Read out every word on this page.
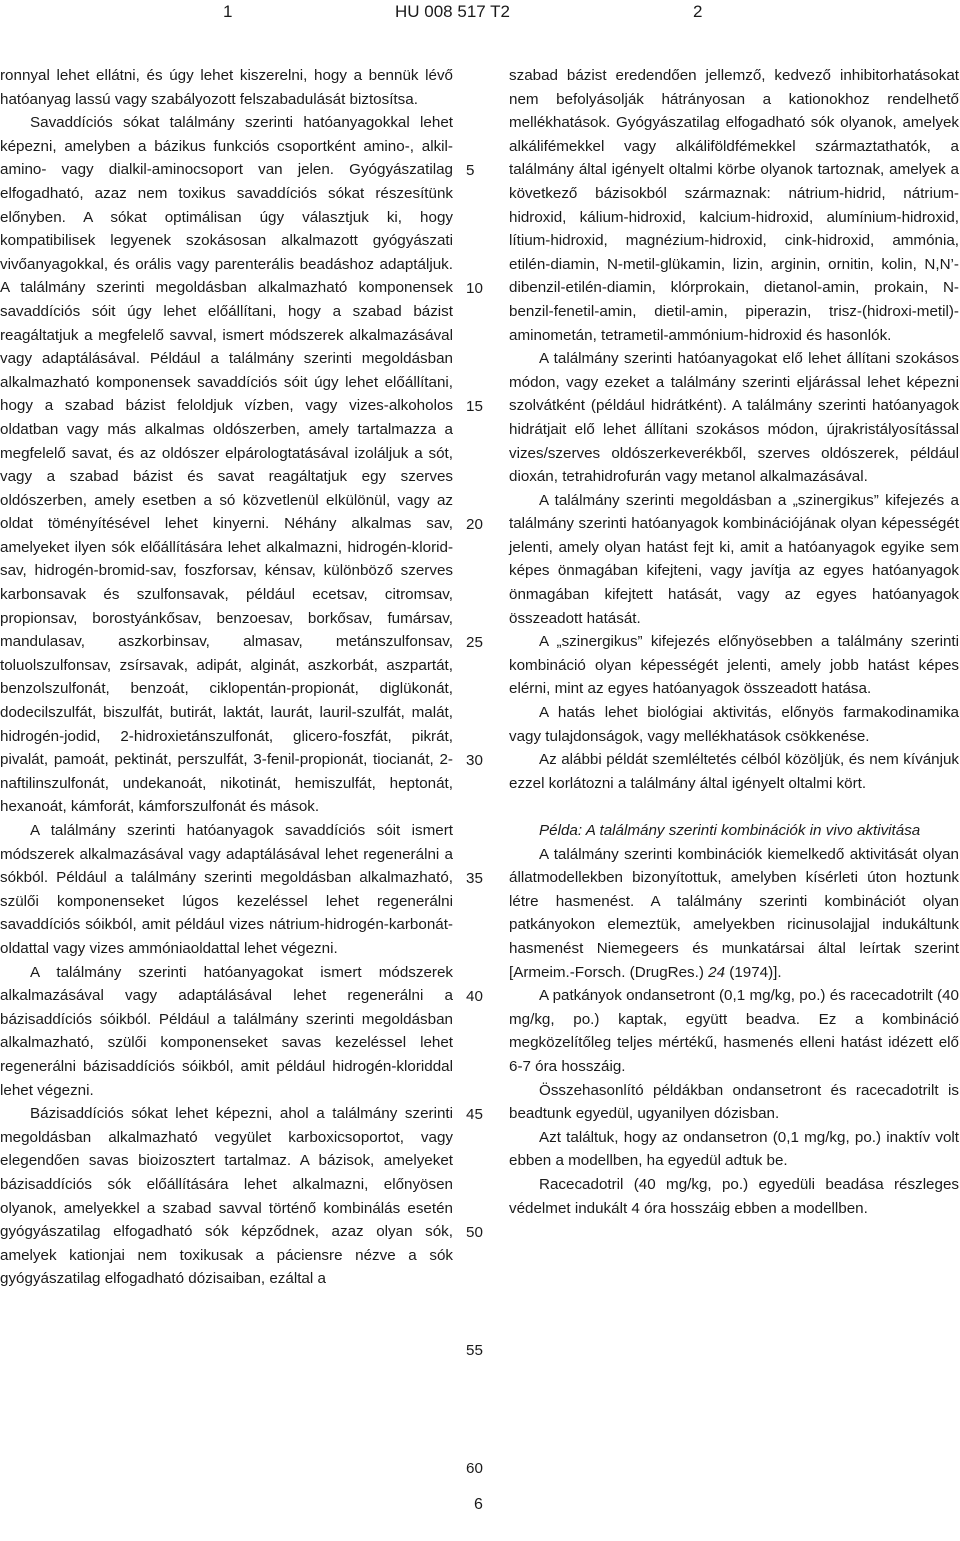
1	HU 008 517 T2	2

ronnyal lehet ellátni, és úgy lehet kiszerelni, hogy a bennük lévő hatóanyag lassú vagy szabályozott felszabadulását biztosítsa.

Savaddíciós sókat találmány szerinti hatóanyagokkal lehet képezni, amelyben a bázikus funkciós csoportként amino-, alkil-amino- vagy dialkil-aminocsoport van jelen. Gyógyászatilag elfogadható, azaz nem toxikus savaddíciós sókat részesítünk előnyben. A sókat optimálisan úgy választjuk ki, hogy kompatibilisek legyenek szokásosan alkalmazott gyógyászati vivőanyagokkal, és orális vagy parenterális beadáshoz adaptáljuk. A találmány szerinti megoldásban alkalmazható komponensek savaddíciós sóit úgy lehet előállítani, hogy a szabad bázist reagáltatjuk a megfelelő savval, ismert módszerek alkalmazásával vagy adaptálásával. Például a találmány szerinti megoldásban alkalmazható komponensek savaddíciós sóit úgy lehet előállítani, hogy a szabad bázist feloldjuk vízben, vagy vizes-alkoholos oldatban vagy más alkalmas oldószerben, amely tartalmazza a megfelelő savat, és az oldószer elpárologtatásával izoláljuk a sót, vagy a szabad bázist és savat reagáltatjuk egy szerves oldószerben, amely esetben a só közvetlenül elkülönül, vagy az oldat töményítésével lehet kinyerni. Néhány alkalmas sav, amelyeket ilyen sók előállítására lehet alkalmazni, hidrogén-klorid-sav, hidrogén-bromid-sav, foszforsav, kénsav, különböző szerves karbonsavak és szulfonsavak, például ecetsav, citromsav, propionsav, borostyánkősav, benzoesav, borkősav, fumársav, mandulasav, aszkorbinsav, almasav, metánszulfonsav, toluolszulfonsav, zsírsavak, adipát, alginát, aszkorbát, aszpartát, benzolszulfonát, benzoát, ciklopentán-propionát, diglükonát, dodecilszulfát, biszulfát, butirát, laktát, laurát, lauril-szulfát, malát, hidrogén-jodid, 2-hidroxietánszulfonát, glicero-foszfát, pikrát, pivalát, pamoát, pektinát, perszulfát, 3-fenil-propionát, tiocianát, 2-naftilinszulfonát, undekanoát, nikotinát, hemiszulfát, heptonát, hexanoát, kámforát, kámforszulfonát és mások.

A találmány szerinti hatóanyagok savaddíciós sóit ismert módszerek alkalmazásával vagy adaptálásával lehet regenerálni a sókból. Például a találmány szerinti megoldásban alkalmazható, szülői komponenseket lúgos kezeléssel lehet regenerálni savaddíciós sóikból, amit például vizes nátrium-hidrogén-karbonát-oldattal vagy vizes ammóniaoldattal lehet végezni.

A találmány szerinti hatóanyagokat ismert módszerek alkalmazásával vagy adaptálásával lehet regenerálni a bázisaddíciós sóikból. Például a találmány szerinti megoldásban alkalmazható, szülői komponenseket savas kezeléssel lehet regenerálni bázisaddíciós sóikból, amit például hidrogén-kloriddal lehet végezni.

Bázisaddíciós sókat lehet képezni, ahol a találmány szerinti megoldásban alkalmazható vegyület karboxicsoportot, vagy elegendően savas bioizosztert tartalmaz. A bázisok, amelyeket bázisaddíciós sók előállítására lehet alkalmazni, előnyösen olyanok, amelyekkel a szabad savval történő kombinálás esetén gyógyászatilag elfogadható sók képződnek, azaz olyan sók, amelyek kationjai nem toxikusak a páciensre nézve a sók gyógyászatilag elfogadható dózisaiban, ezáltal a

szabad bázist eredendően jellemző, kedvező inhibitorhatásokat nem befolyásolják hátrányosan a kationokhoz rendelhető mellékhatások. Gyógyászatilag elfogadható sók olyanok, amelyek alkálifémekkel vagy alkáliföldfémekkel származtathatók, a találmány által igényelt oltalmi körbe olyanok tartoznak, amelyek a következő bázisokból származnak: nátrium-hidrid, nátrium-hidroxid, kálium-hidroxid, kalcium-hidroxid, alumínium-hidroxid, lítium-hidroxid, magnézium-hidroxid, cink-hidroxid, ammónia, etilén-diamin, N-metil-glükamin, lizin, arginin, ornitin, kolin, N,N’-dibenzil-etilén-diamin, klórprokain, dietanol-amin, prokain, N-benzil-fenetil-amin, dietil-amin, piperazin, trisz-(hidroxi-metil)-aminometán, tetrametil-ammónium-hidroxid és hasonlók.

A találmány szerinti hatóanyagokat elő lehet állítani szokásos módon, vagy ezeket a találmány szerinti eljárással lehet képezni szolvátként (például hidrátként). A találmány szerinti hatóanyagok hidrátjait elő lehet állítani szokásos módon, újrakristályosítással vizes/szerves oldószerkeverékből, szerves oldószerek, például dioxán, tetrahidrofurán vagy metanol alkalmazásával.

A találmány szerinti megoldásban a „szinergikus” kifejezés a találmány szerinti hatóanyagok kombinációjának olyan képességét jelenti, amely olyan hatást fejt ki, amit a hatóanyagok egyike sem képes önmagában kifejteni, vagy javítja az egyes hatóanyagok önmagában kifejtett hatását, vagy az egyes hatóanyagok összeadott hatását.

A „szinergikus” kifejezés előnyösebben a találmány szerinti kombináció olyan képességét jelenti, amely jobb hatást képes elérni, mint az egyes hatóanyagok összeadott hatása.

A hatás lehet biológiai aktivitás, előnyös farmakodinamika vagy tulajdonságok, vagy mellékhatások csökkenése.

Az alábbi példát szemléltetés célból közöljük, és nem kívánjuk ezzel korlátozni a találmány által igényelt oltalmi kört.

Példa: A találmány szerinti kombinációk in vivo aktivitása

A találmány szerinti kombinációk kiemelkedő aktivitását olyan állatmodellekben bizonyítottuk, amelyben kísérleti úton hoztunk létre hasmenést. A találmány szerinti kombinációt olyan patkányokon elemeztük, amelyekben ricinusolajjal indukáltunk hasmenést Niemegeers és munkatársai által leírtak szerint [Armeim.-Forsch. (DrugRes.) 24 (1974)].

A patkányok ondansetront (0,1 mg/kg, po.) és racecadotrilt (40 mg/kg, po.) kaptak, együtt beadva. Ez a kombináció megközelítőleg teljes mértékű, hasmenés elleni hatást idézett elő 6-7 óra hosszáig.

Összehasonlító példákban ondansetront és racecadotrilt is beadtunk egyedül, ugyanilyen dózisban.

Azt találtuk, hogy az ondansetron (0,1 mg/kg, po.) inaktív volt ebben a modellben, ha egyedül adtuk be.

Racecadotril (40 mg/kg, po.) egyedüli beadása részleges védelmet indukált 4 óra hosszáig ebben a modellben.

5
10
15
20
25
30
35
40
45
50
55
60
6
